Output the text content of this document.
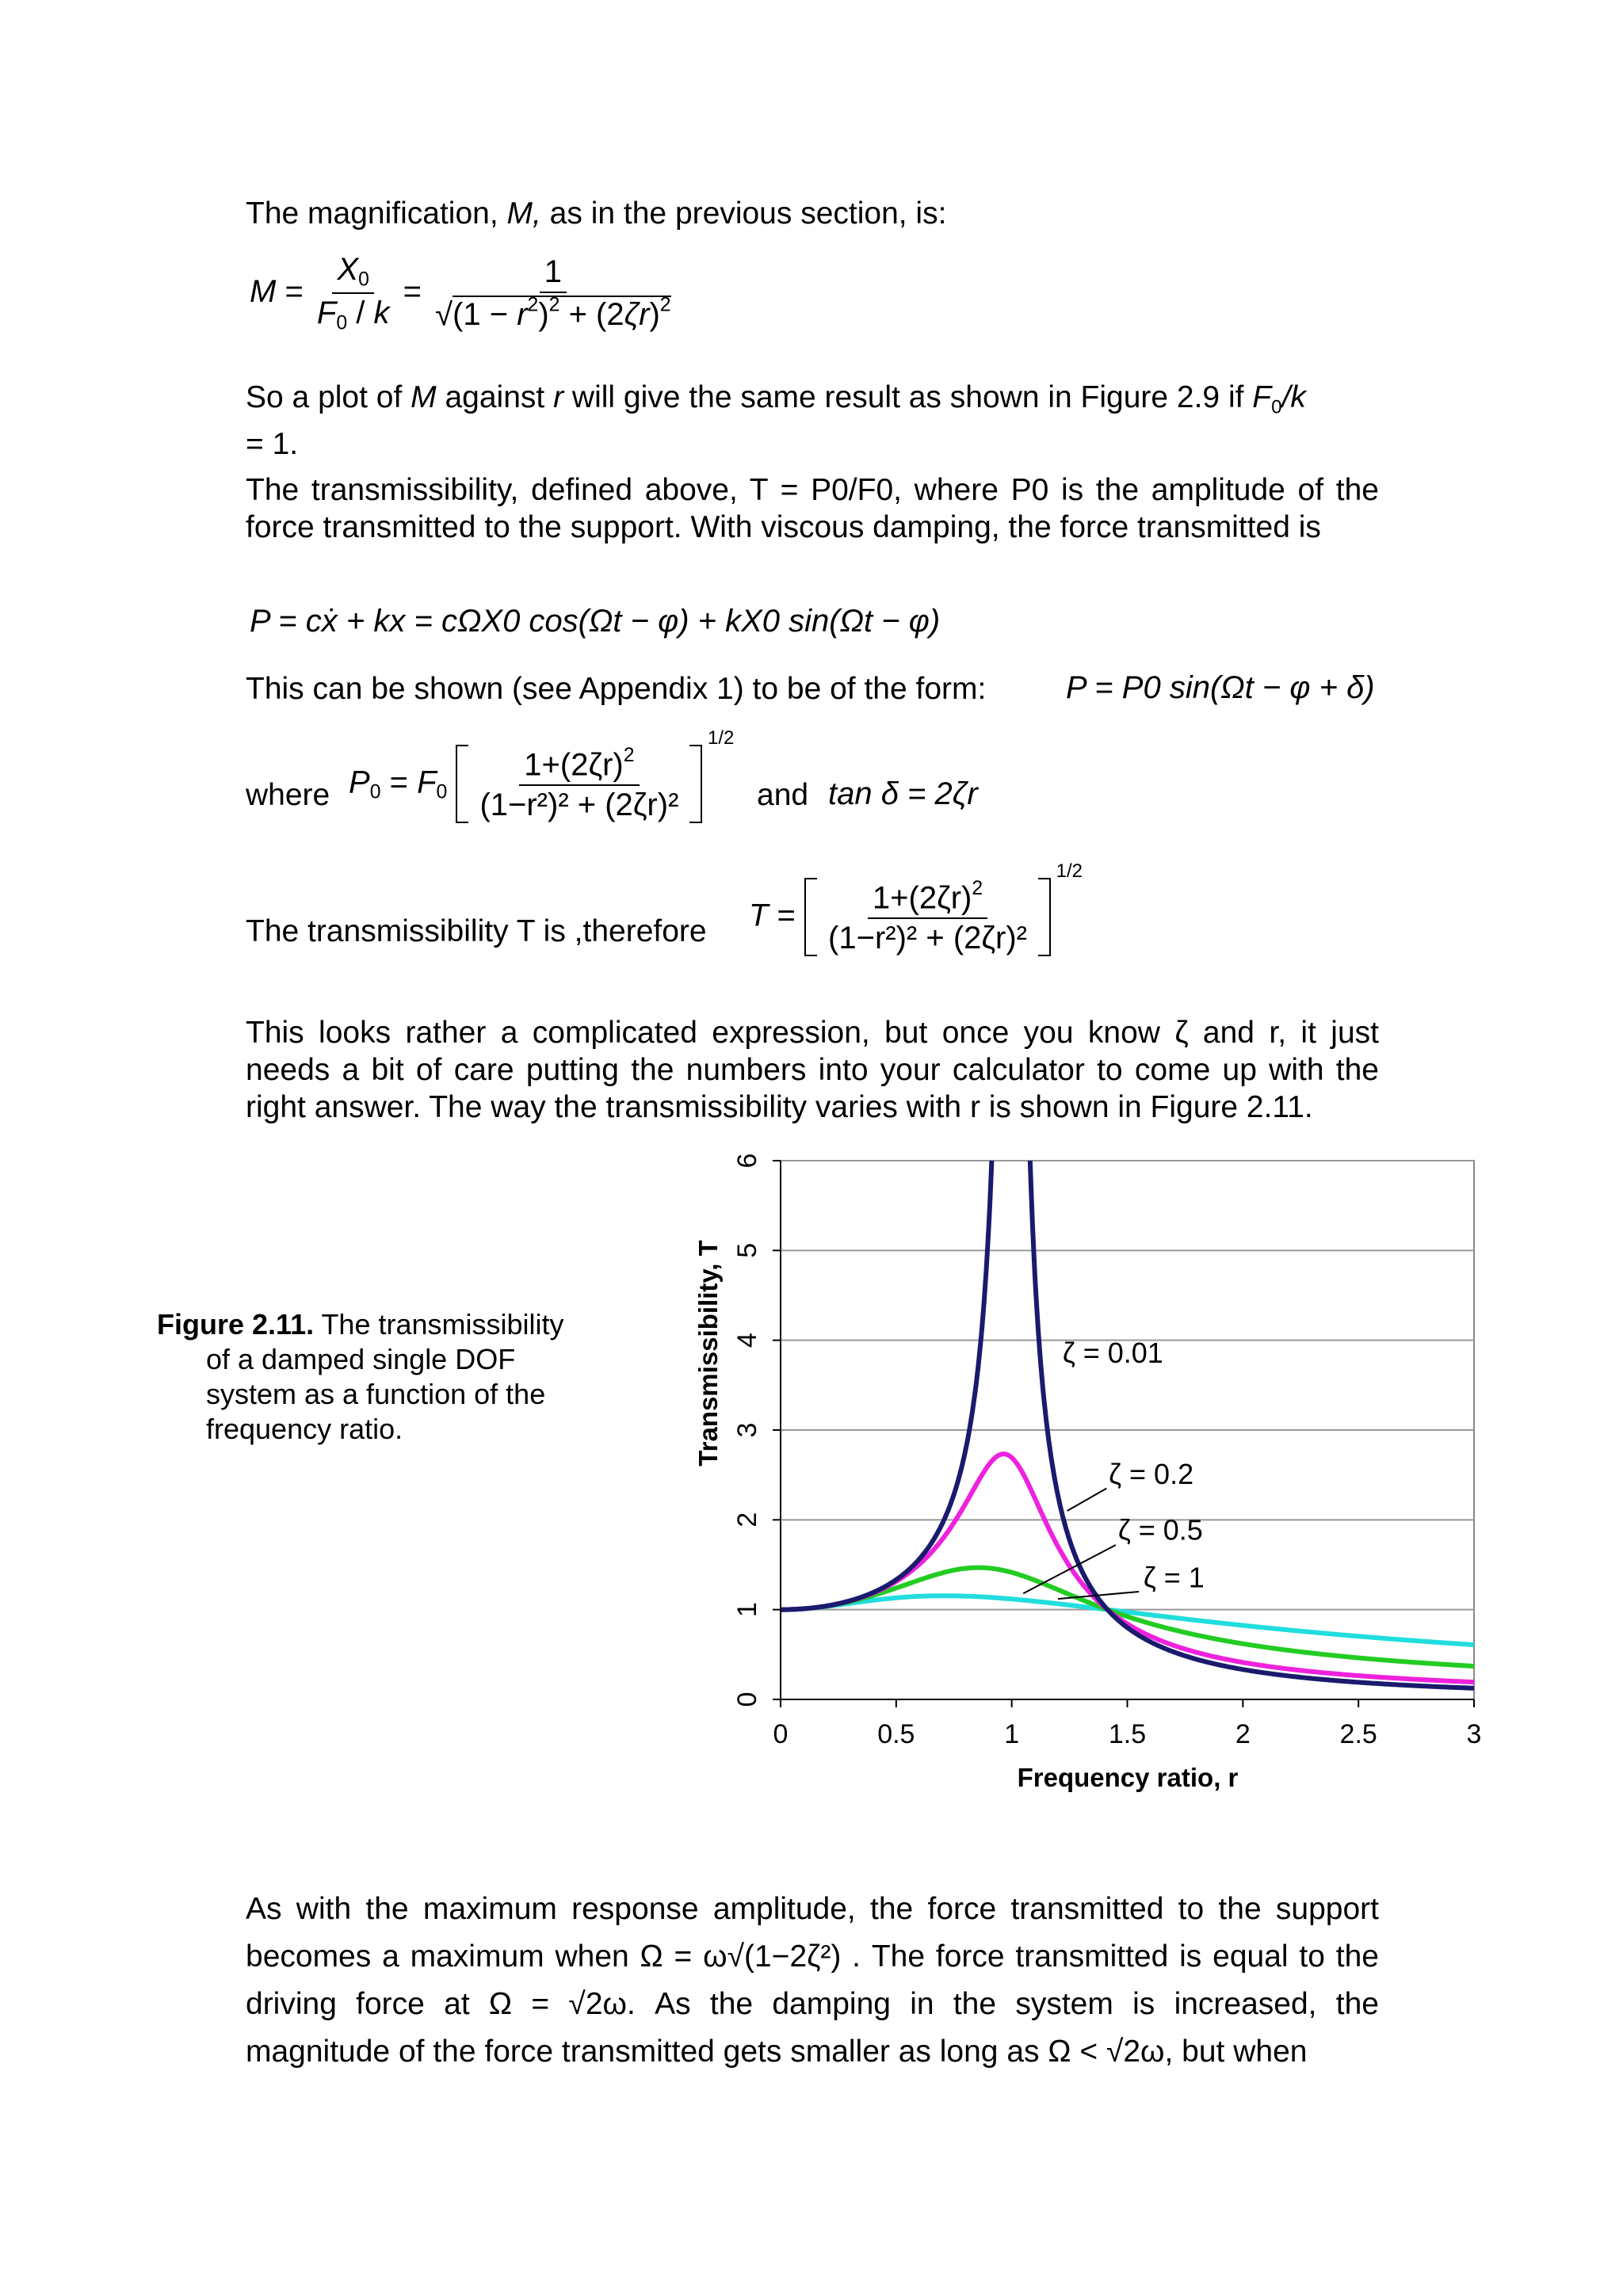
The magnification, M, as in the previous section, is:

$M = \frac{X_0}{F_0 / k} = \frac{1}{√(1 - r^2)^2 + (2\zeta r)^2}$

So a plot of M against r will give the same result as shown in Figure 2.9 if $F_0/k$
= 1.

The transmissibility, defined above, T = P0/F0, where P0 is the amplitude of the force transmitted to the support. With viscous damping, the force transmitted is

P = cẋ + kx = cΩX0 cos(Ωt − φ) + kX0 sin(Ωt − φ)

This can be shown (see Appendix 1) to be of the form:	P = P0 sin(Ωt − φ + δ)

where $P_0 = F_0 \frac{1+(2\zeta r)^2}{\text{(1−r²)² + (2ζr)²}}$
1/2

and tan δ = 2ζr

The transmissibility T is ,therefore $T = \frac{1+(2\zeta r)^2}{\text{(1−r²)² + (2ζr)²}}$
1/2

This looks rather a complicated expression, but once you know ζ and r, it just needs a bit of care putting the numbers into your calculator to come up with the right answer. The way the transmissibility varies with r is shown in Figure 2.11.

Figure 2.11. The transmissibility
of a damped single DOF
system as a function of the
frequency ratio.
0
1
2
3
4
5
6
0	0.5	1	1.5	2	2.5	3
ζ = 0.01
ζ = 0.2
ζ = 0.5
ζ = 1
Frequency ratio, r
Transmissibility, T

As with the maximum response amplitude, the force transmitted to the support becomes a maximum when Ω = ω√(1−2ζ²) . The force transmitted is equal to the driving force at Ω = √2ω. As the damping in the system is increased, the magnitude of the force transmitted gets smaller as long as Ω < √2ω, but when
